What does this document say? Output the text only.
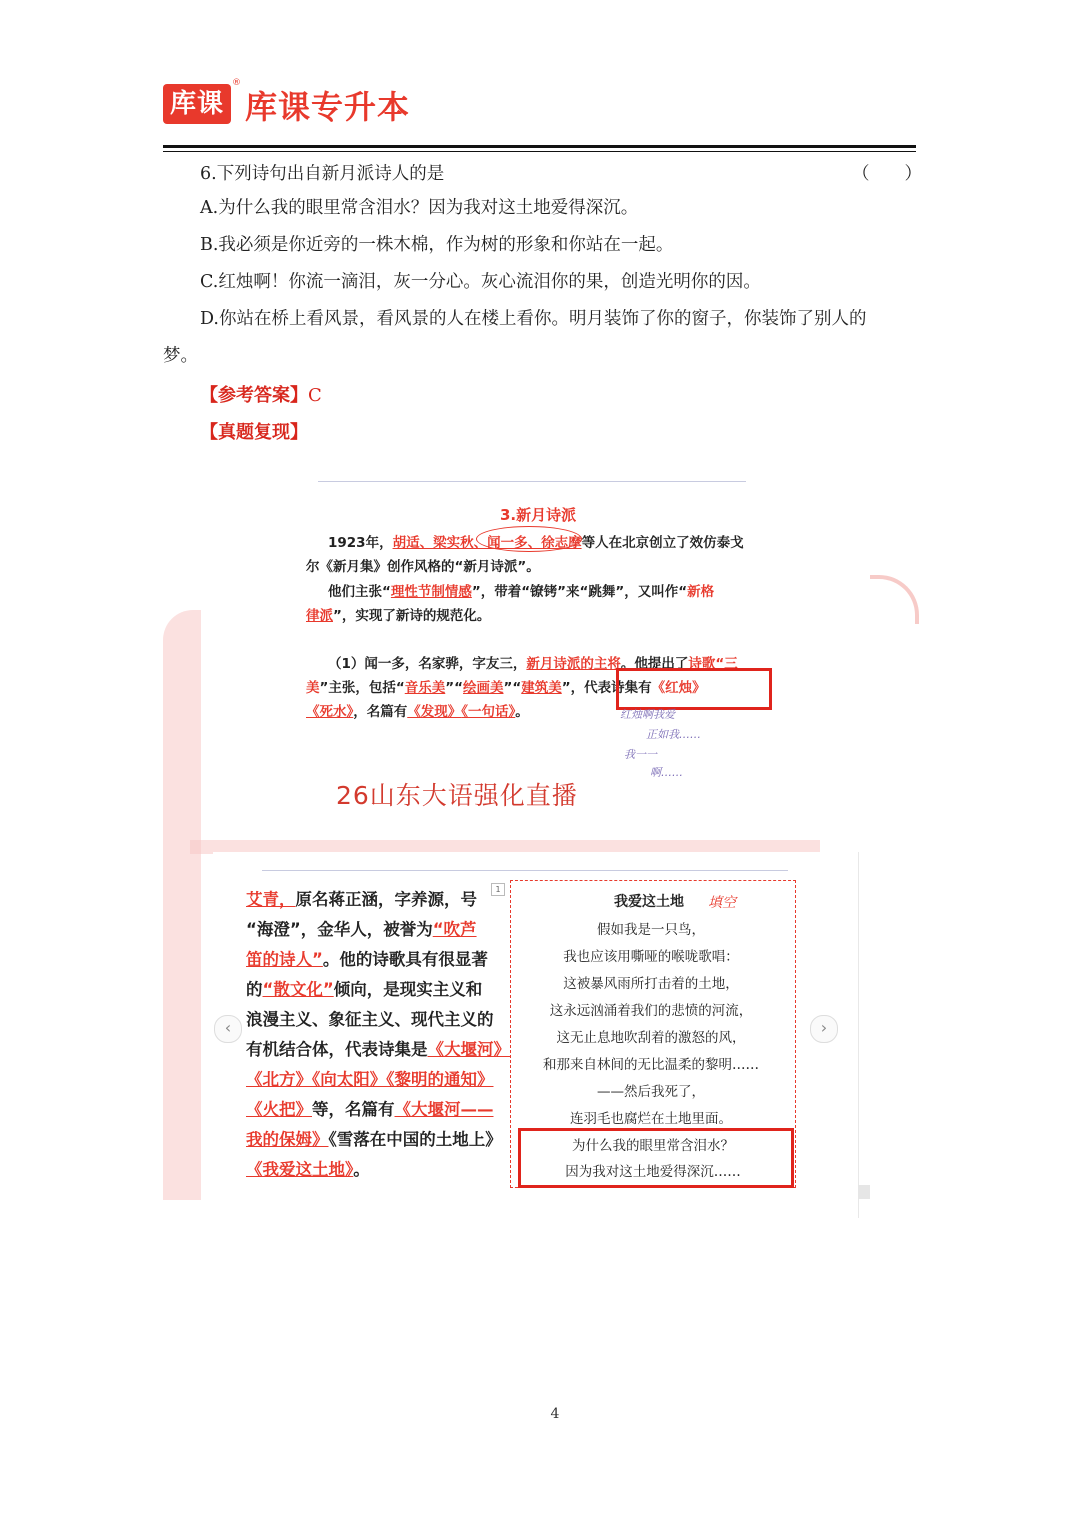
库课
®
库课专升本
6.下列诗句出自新月派诗人的是	（　　）
A.为什么我的眼里常含泪水？因为我对这土地爱得深沉。
B.我必须是你近旁的一株木棉，作为树的形象和你站在一起。
C.红烛啊！你流一滴泪，灰一分心。灰心流泪你的果，创造光明你的因。
D.你站在桥上看风景，看风景的人在楼上看你。明月装饰了你的窗子，你装饰了别人的
梦。
【参考答案】C
【真题复现】
3.新月诗派
1923年，胡适、梁实秋、闻一多、徐志摩等人在北京创立了效仿泰戈
尔《新月集》创作风格的“新月诗派”。
他们主张“理性节制情感”，带着“镣铐”来“跳舞”，又叫作“新格
律派”，实现了新诗的规范化。
（1）闻一多，名家骅，字友三，新月诗派的主将。他提出了诗歌“三
美”主张，包括“音乐美”“绘画美”“建筑美”，代表诗集有《红烛》
《死水》，名篇有《发现》《一句话》。	红烛啊我爱
正如我……
我一一
啊……
26山东大语强化直播
1
艾青，原名蒋正涵，字养源，号
“海澄”，金华人，被誉为“吹芦
笛的诗人”。他的诗歌具有很显著
的“散文化”倾向，是现实主义和
浪漫主义、象征主义、现代主义的
有机结合体，代表诗集是《大堰河》
《北方》《向太阳》《黎明的通知》
《火把》等，名篇有《大堰河——
我的保姆》《雪落在中国的土地上》
《我爱这土地》。
我爱这土地 填空
假如我是一只鸟，
我也应该用嘶哑的喉咙歌唱：
这被暴风雨所打击着的土地，
这永远汹涌着我们的悲愤的河流，
这无止息地吹刮着的激怒的风，
和那来自林间的无比温柔的黎明……
——然后我死了，
连羽毛也腐烂在土地里面。
为什么我的眼里常含泪水？
因为我对这土地爱得深沉……
‹	›
4
